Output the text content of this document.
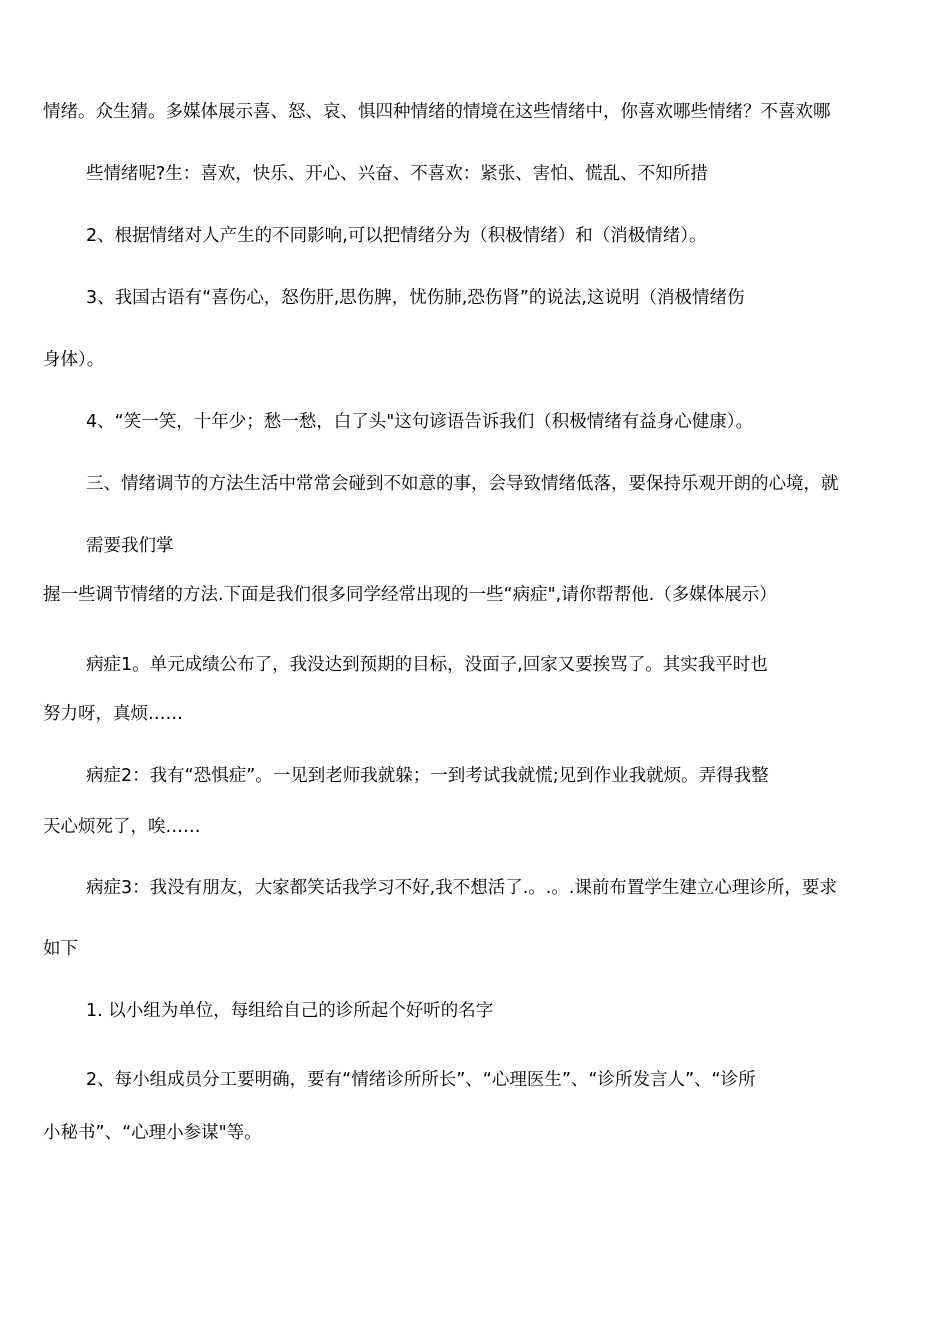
情绪。众生猜。多媒体展示喜、怒、哀、惧四种情绪的情境在这些情绪中，你喜欢哪些情绪？不喜欢哪
些情绪呢?生：喜欢，快乐、开心、兴奋、不喜欢：紧张、害怕、慌乱、不知所措
2、根据情绪对人产生的不同影响,可以把情绪分为（积极情绪）和（消极情绪）。
3、我国古语有“喜伤心，怒伤肝,思伤脾，忧伤肺,恐伤肾”的说法,这说明（消极情绪伤
身体）。
4、“笑一笑，十年少；愁一愁，白了头"这句谚语告诉我们（积极情绪有益身心健康）。
三、情绪调节的方法生活中常常会碰到不如意的事，会导致情绪低落，要保持乐观开朗的心境，就
需要我们掌
握一些调节情绪的方法.下面是我们很多同学经常出现的一些“病症",请你帮帮他.（多媒体展示）
病症1。单元成绩公布了，我没达到预期的目标，没面子,回家又要挨骂了。其实我平时也
努力呀，真烦……
病症2：我有“恐惧症”。一见到老师我就躲；一到考试我就慌;见到作业我就烦。弄得我整
天心烦死了，唉……
病症3：我没有朋友，大家都笑话我学习不好,我不想活了.。.。.课前布置学生建立心理诊所，要求
如下
1. 以小组为单位，每组给自己的诊所起个好听的名字
2、每小组成员分工要明确，要有“情绪诊所所长”、“心理医生”、“诊所发言人”、“诊所
小秘书”、“心理小参谋"等。
